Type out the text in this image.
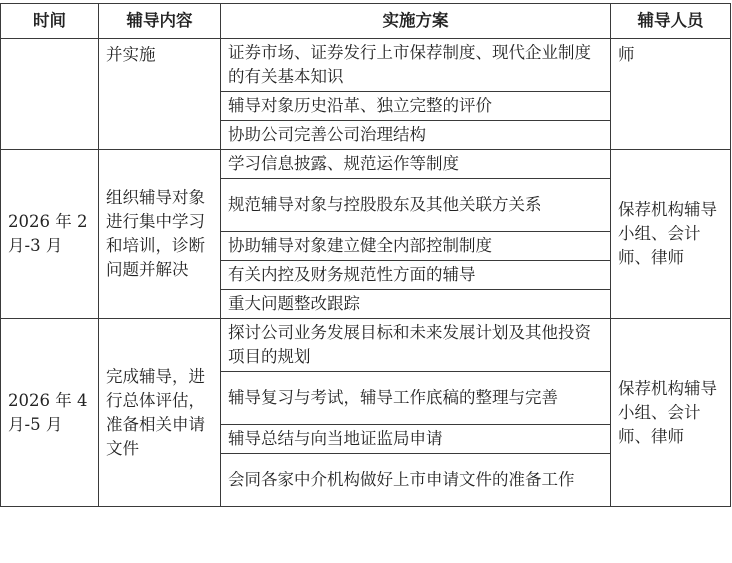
时间	辅导内容	实施方案	辅导人员
	并实施	证券市场、证券发行上市保荐制度、现代企业制度的有关基本知识	师
		辅导对象历史沿革、独立完整的评价	
		协助公司完善公司治理结构	
2026 年 2 月-3 月	组织辅导对象进行集中学习和培训，诊断问题并解决	学习信息披露、规范运作等制度	保荐机构辅导小组、会计师、律师
		规范辅导对象与控股股东及其他关联方关系	
		协助辅导对象建立健全内部控制制度	
		有关内控及财务规范性方面的辅导	
		重大问题整改跟踪	
2026 年 4 月-5 月	完成辅导，进行总体评估，准备相关申请文件	探讨公司业务发展目标和未来发展计划及其他投资项目的规划	保荐机构辅导小组、会计师、律师
		辅导复习与考试，辅导工作底稿的整理与完善	
		辅导总结与向当地证监局申请	
		会同各家中介机构做好上市申请文件的准备工作	
